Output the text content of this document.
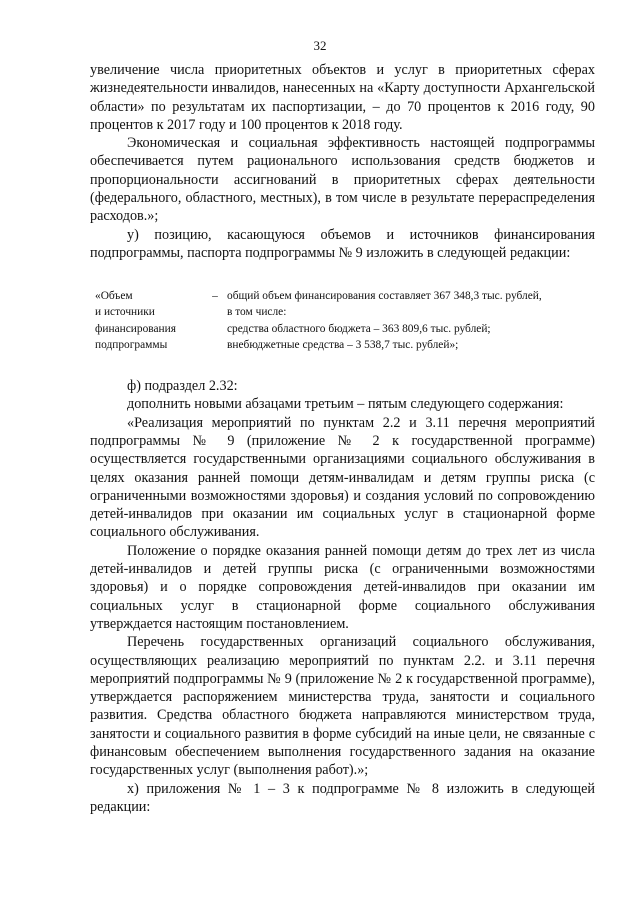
32

увеличение числа приоритетных объектов и услуг в приоритетных сферах жизнедеятельности инвалидов, нанесенных на «Карту доступности Архангельской области» по результатам их паспортизации, – до 70 процентов к 2016 году, 90 процентов к 2017 году и 100 процентов к 2018 году.

Экономическая и социальная эффективность настоящей подпрограммы обеспечивается путем рационального использования средств бюджетов и пропорциональности ассигнований в приоритетных сферах деятельности (федерального, областного, местных), в том числе в результате перераспределения расходов.»;

у) позицию, касающуюся объемов и источников финансирования подпрограммы, паспорта подпрограммы № 9 изложить в следующей редакции:

«Объем
и источники
финансирования
подпрограммы
– общий объем финансирования составляет 367 348,3 тыс. рублей,
в том числе:
средства областного бюджета – 363 809,6 тыс. рублей;
внебюджетные средства – 3 538,7 тыс. рублей»;

ф) подраздел 2.32:

дополнить новыми абзацами третьим – пятым следующего содержания:

«Реализация мероприятий по пунктам 2.2 и 3.11 перечня мероприятий подпрограммы № 9 (приложение № 2 к государственной программе) осуществляется государственными организациями социального обслуживания в целях оказания ранней помощи детям-инвалидам и детям группы риска (с ограниченными возможностями здоровья) и создания условий по сопровождению детей-инвалидов при оказании им социальных услуг в стационарной форме социального обслуживания.

Положение о порядке оказания ранней помощи детям до трех лет из числа детей-инвалидов и детей группы риска (с ограниченными возможностями здоровья) и о порядке сопровождения детей-инвалидов при оказании им социальных услуг в стационарной форме социального обслуживания утверждается настоящим постановлением.

Перечень государственных организаций социального обслуживания, осуществляющих реализацию мероприятий по пунктам 2.2. и 3.11 перечня мероприятий подпрограммы № 9 (приложение № 2 к государственной программе), утверждается распоряжением министерства труда, занятости и социального развития. Средства областного бюджета направляются министерством труда, занятости и социального развития в форме субсидий на иные цели, не связанные с финансовым обеспечением выполнения государственного задания на оказание государственных услуг (выполнения работ).»;

х) приложения № 1 – 3 к подпрограмме № 8 изложить в следующей редакции:
